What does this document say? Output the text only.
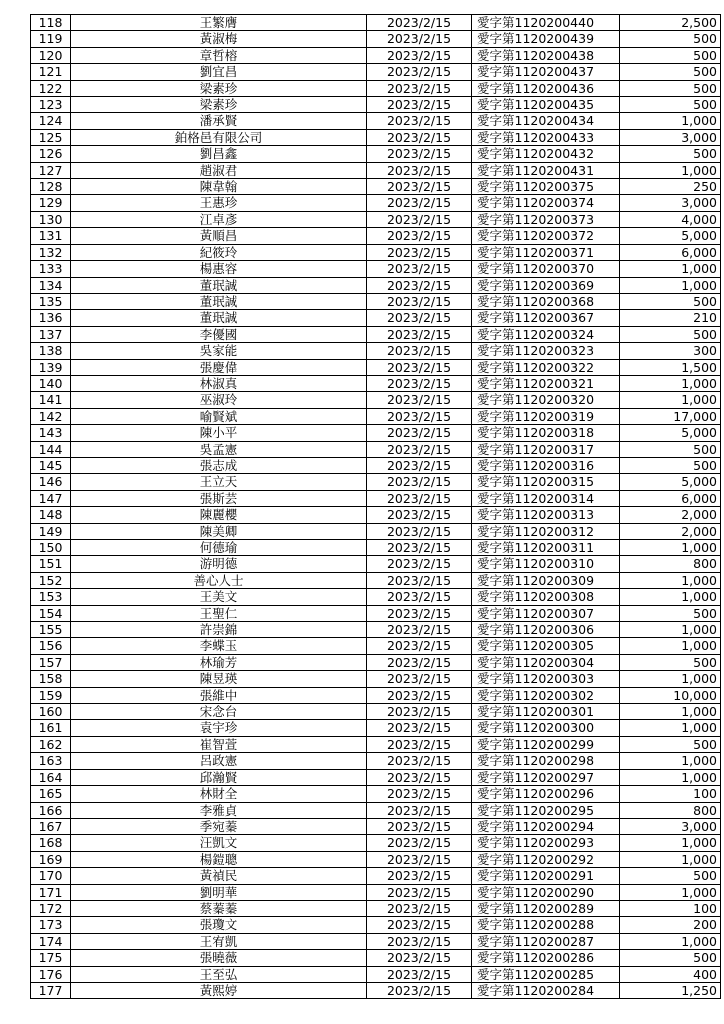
118	王繁膺	2023/2/15	愛字第1120200440	2,500
119	黃淑梅	2023/2/15	愛字第1120200439	500
120	章哲榕	2023/2/15	愛字第1120200438	500
121	劉宜昌	2023/2/15	愛字第1120200437	500
122	梁素珍	2023/2/15	愛字第1120200436	500
123	梁素珍	2023/2/15	愛字第1120200435	500
124	潘承賢	2023/2/15	愛字第1120200434	1,000
125	鉑格邑有限公司	2023/2/15	愛字第1120200433	3,000
126	劉昌鑫	2023/2/15	愛字第1120200432	500
127	趙淑君	2023/2/15	愛字第1120200431	1,000
128	陳韋翰	2023/2/15	愛字第1120200375	250
129	王惠珍	2023/2/15	愛字第1120200374	3,000
130	江卓彥	2023/2/15	愛字第1120200373	4,000
131	黃順昌	2023/2/15	愛字第1120200372	5,000
132	紀筱玲	2023/2/15	愛字第1120200371	6,000
133	楊惠容	2023/2/15	愛字第1120200370	1,000
134	董珉誠	2023/2/15	愛字第1120200369	1,000
135	董珉誠	2023/2/15	愛字第1120200368	500
136	董珉誠	2023/2/15	愛字第1120200367	210
137	李優國	2023/2/15	愛字第1120200324	500
138	吳家能	2023/2/15	愛字第1120200323	300
139	張慶偉	2023/2/15	愛字第1120200322	1,500
140	林淑真	2023/2/15	愛字第1120200321	1,000
141	巫淑玲	2023/2/15	愛字第1120200320	1,000
142	喻賢斌	2023/2/15	愛字第1120200319	17,000
143	陳小平	2023/2/15	愛字第1120200318	5,000
144	吳孟憲	2023/2/15	愛字第1120200317	500
145	張志成	2023/2/15	愛字第1120200316	500
146	王立天	2023/2/15	愛字第1120200315	5,000
147	張斯芸	2023/2/15	愛字第1120200314	6,000
148	陳麗櫻	2023/2/15	愛字第1120200313	2,000
149	陳美卿	2023/2/15	愛字第1120200312	2,000
150	何德瑜	2023/2/15	愛字第1120200311	1,000
151	游明德	2023/2/15	愛字第1120200310	800
152	善心人士	2023/2/15	愛字第1120200309	1,000
153	王美文	2023/2/15	愛字第1120200308	1,000
154	王聖仁	2023/2/15	愛字第1120200307	500
155	許崇錦	2023/2/15	愛字第1120200306	1,000
156	李蝶玉	2023/2/15	愛字第1120200305	1,000
157	林瑜芳	2023/2/15	愛字第1120200304	500
158	陳昱瑛	2023/2/15	愛字第1120200303	1,000
159	張維中	2023/2/15	愛字第1120200302	10,000
160	宋念台	2023/2/15	愛字第1120200301	1,000
161	袁宇珍	2023/2/15	愛字第1120200300	1,000
162	崔智萱	2023/2/15	愛字第1120200299	500
163	呂政憲	2023/2/15	愛字第1120200298	1,000
164	邱瀚賢	2023/2/15	愛字第1120200297	1,000
165	林財全	2023/2/15	愛字第1120200296	100
166	李雅貞	2023/2/15	愛字第1120200295	800
167	季宛蓁	2023/2/15	愛字第1120200294	3,000
168	汪凱文	2023/2/15	愛字第1120200293	1,000
169	楊鎧聰	2023/2/15	愛字第1120200292	1,000
170	黃禎民	2023/2/15	愛字第1120200291	500
171	劉明華	2023/2/15	愛字第1120200290	1,000
172	蔡蓁蓁	2023/2/15	愛字第1120200289	100
173	張瓊文	2023/2/15	愛字第1120200288	200
174	王宥凱	2023/2/15	愛字第1120200287	1,000
175	張曉薇	2023/2/15	愛字第1120200286	500
176	王至弘	2023/2/15	愛字第1120200285	400
177	黃熙婷	2023/2/15	愛字第1120200284	1,250
